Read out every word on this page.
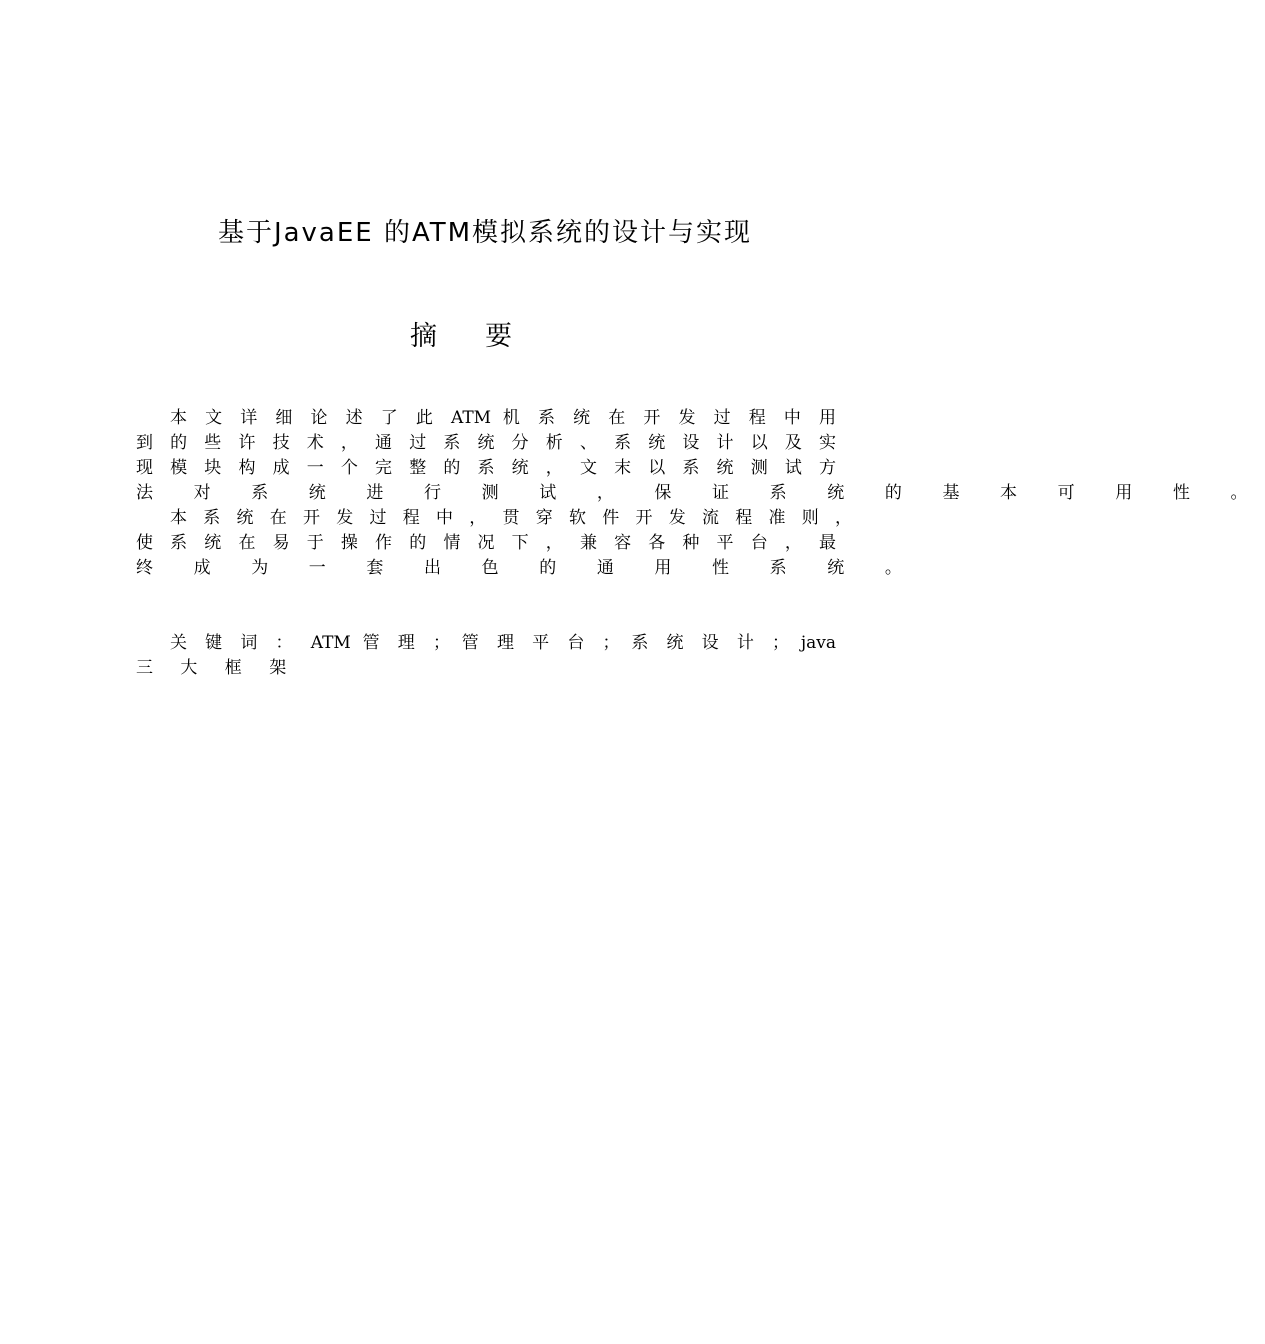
基于JavaEE 的ATM模拟系统的设计与实现
摘要

本 文 详 细 论 述 了 此 ATM 机 系 统 在 开 发 过 程 中 用

到 的 些 许 技 术 ， 通 过 系 统 分 析 、 系 统 设 计 以 及 实

现 模 块 构 成 一 个 完 整 的 系 统 ， 文 末 以 系 统 测 试 方

法 对 系 统 进 行 测 试 ， 保 证 系 统 的 基 本 可 用 性 。

本 系 统 在 开 发 过 程 中 ， 贯 穿 软 件 开 发 流 程 准 则 ，

使 系 统 在 易 于 操 作 的 情 况 下 ， 兼 容 各 种 平 台 ， 最

终 成 为 一 套 出 色 的 通 用 性 系 统 。

关 键 词 ： ATM 管 理 ； 管 理 平 台 ； 系 统 设 计 ； java

三 大 框 架
